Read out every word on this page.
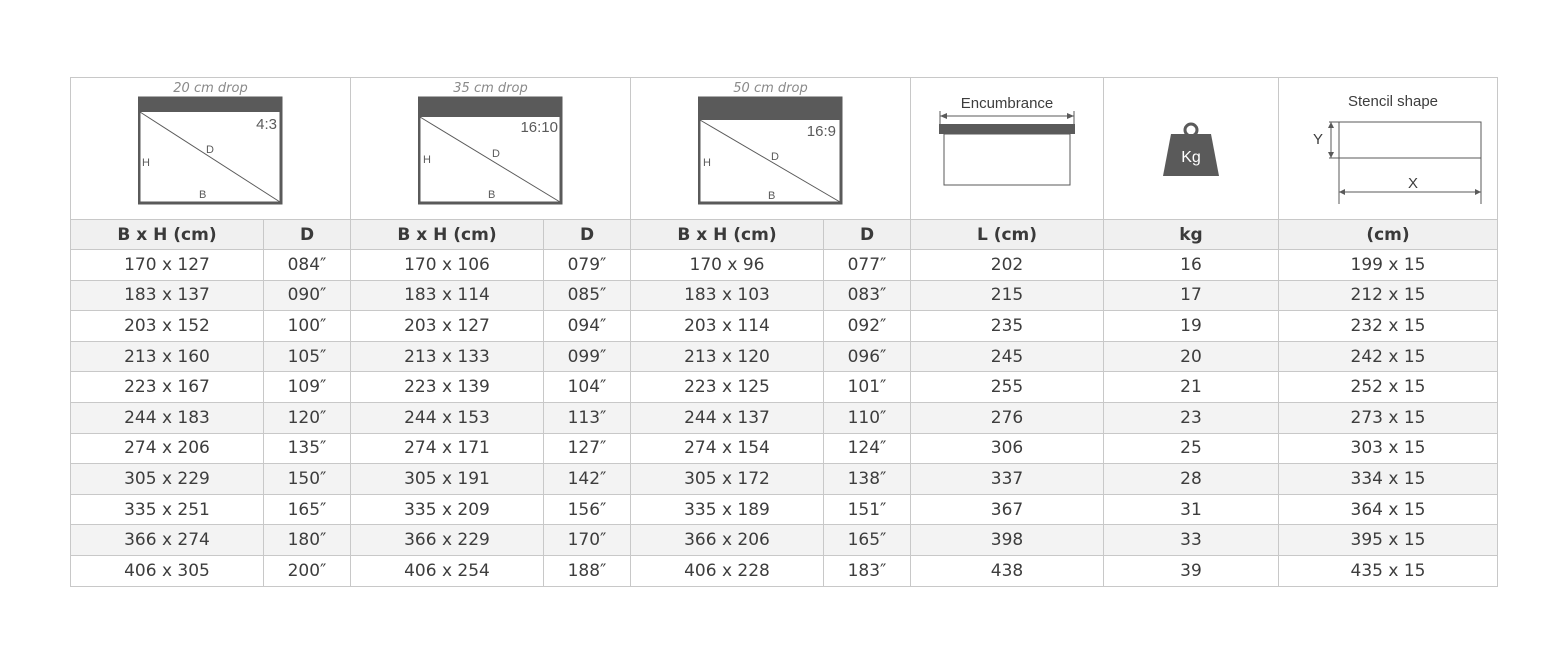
20 cm drop
4:3
H
D
B		35 cm drop
16:10
H D
B		50 cm drop
16:9
H D
B		Encumbrance	Kg	Stencil shape
Y
X

B x H (cm)	D	B x H (cm)	D	B x H (cm)	D	L (cm)	kg	(cm)
170 x 127	084″	170 x 106	079″	170 x 96	077″	202	16	199 x 15
183 x 137	090″	183 x 114	085″	183 x 103	083″	215	17	212 x 15
203 x 152	100″	203 x 127	094″	203 x 114	092″	235	19	232 x 15
213 x 160	105″	213 x 133	099″	213 x 120	096″	245	20	242 x 15
223 x 167	109″	223 x 139	104″	223 x 125	101″	255	21	252 x 15
244 x 183	120″	244 x 153	113″	244 x 137	110″	276	23	273 x 15
274 x 206	135″	274 x 171	127″	274 x 154	124″	306	25	303 x 15
305 x 229	150″	305 x 191	142″	305 x 172	138″	337	28	334 x 15
335 x 251	165″	335 x 209	156″	335 x 189	151″	367	31	364 x 15
366 x 274	180″	366 x 229	170″	366 x 206	165″	398	33	395 x 15
406 x 305	200″	406 x 254	188″	406 x 228	183″	438	39	435 x 15
